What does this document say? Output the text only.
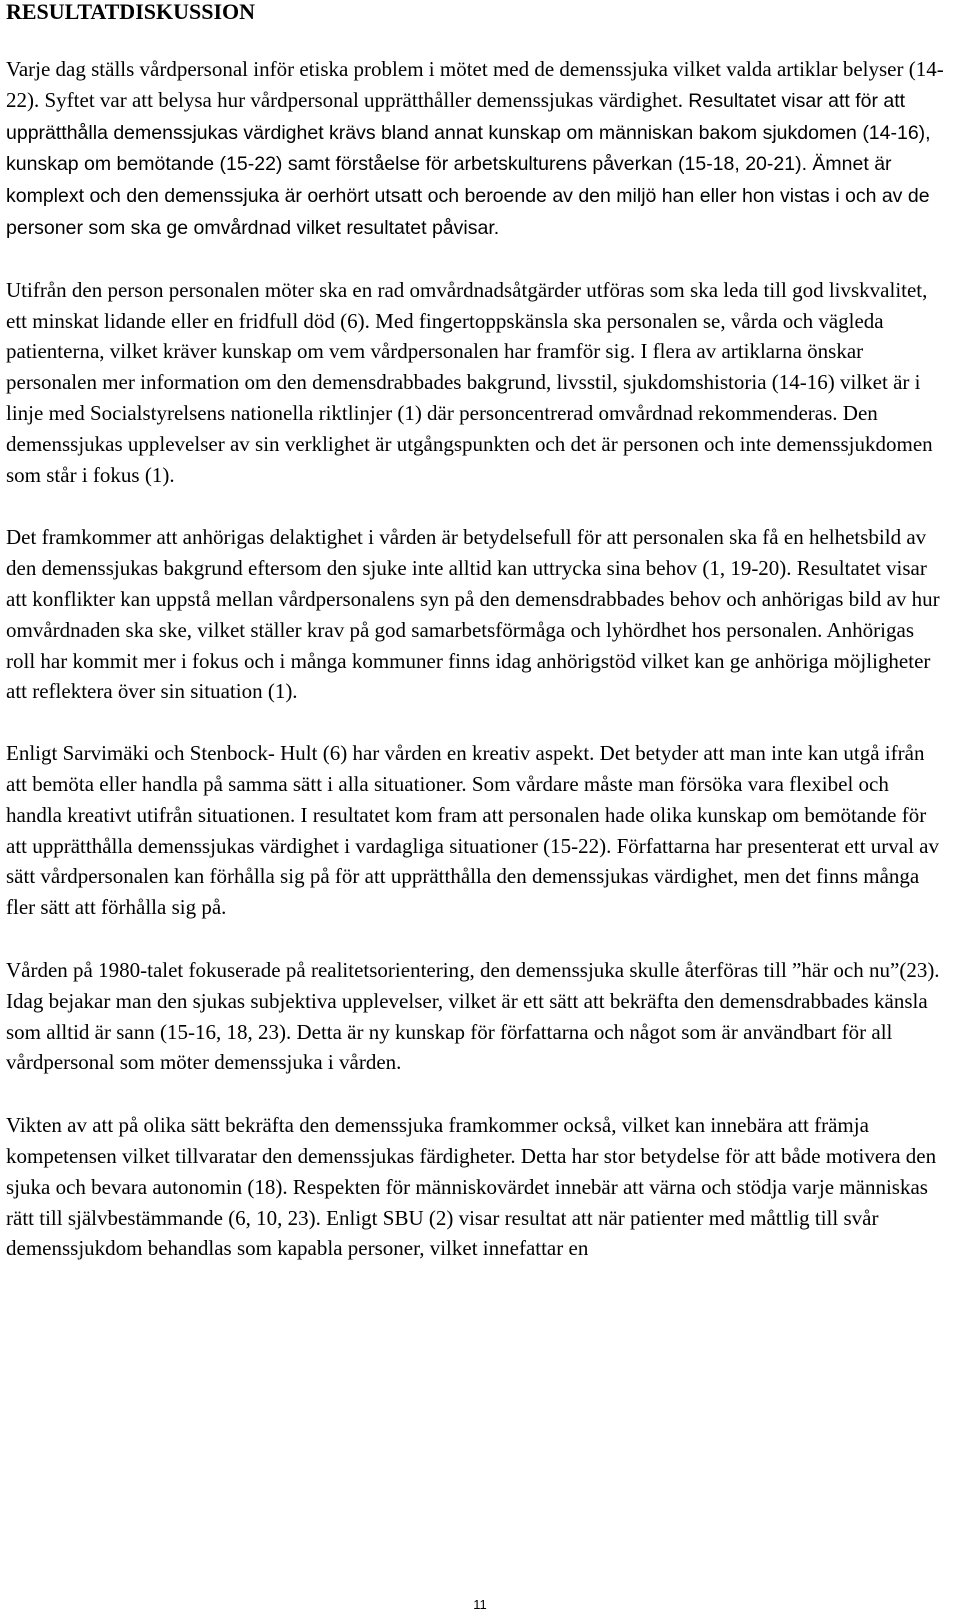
RESULTATDISKUSSION

Varje dag ställs vårdpersonal inför etiska problem i mötet med de demenssjuka vilket valda artiklar belyser (14-22). Syftet var att belysa hur vårdpersonal upprätthåller demenssjukas värdighet. Resultatet visar att för att upprätthålla demenssjukas värdighet krävs bland annat kunskap om människan bakom sjukdomen (14-16), kunskap om bemötande (15-22) samt förståelse för arbetskulturens påverkan (15-18, 20-21). Ämnet är komplext och den demenssjuka är oerhört utsatt och beroende av den miljö han eller hon vistas i och av de personer som ska ge omvårdnad vilket resultatet påvisar.

Utifrån den person personalen möter ska en rad omvårdnadsåtgärder utföras som ska leda till god livskvalitet, ett minskat lidande eller en fridfull död (6). Med fingertoppskänsla ska personalen se, vårda och vägleda patienterna, vilket kräver kunskap om vem vårdpersonalen har framför sig. I flera av artiklarna önskar personalen mer information om den demensdrabbades bakgrund, livsstil, sjukdomshistoria (14-16) vilket är i linje med Socialstyrelsens nationella riktlinjer (1) där personcentrerad omvårdnad rekommenderas. Den demenssjukas upplevelser av sin verklighet är utgångspunkten och det är personen och inte demenssjukdomen som står i fokus (1).

Det framkommer att anhörigas delaktighet i vården är betydelsefull för att personalen ska få en helhetsbild av den demenssjukas bakgrund eftersom den sjuke inte alltid kan uttrycka sina behov (1, 19-20). Resultatet visar att konflikter kan uppstå mellan vårdpersonalens syn på den demensdrabbades behov och anhörigas bild av hur omvårdnaden ska ske, vilket ställer krav på god samarbetsförmåga och lyhördhet hos personalen. Anhörigas roll har kommit mer i fokus och i många kommuner finns idag anhörigstöd vilket kan ge anhöriga möjligheter att reflektera över sin situation (1).

Enligt Sarvimäki och Stenbock- Hult (6) har vården en kreativ aspekt. Det betyder att man inte kan utgå ifrån att bemöta eller handla på samma sätt i alla situationer. Som vårdare måste man försöka vara flexibel och handla kreativt utifrån situationen. I resultatet kom fram att personalen hade olika kunskap om bemötande för att upprätthålla demenssjukas värdighet i vardagliga situationer (15-22). Författarna har presenterat ett urval av sätt vårdpersonalen kan förhålla sig på för att upprätthålla den demenssjukas värdighet, men det finns många fler sätt att förhålla sig på.

Vården på 1980-talet fokuserade på realitetsorientering, den demenssjuka skulle återföras till ”här och nu”(23). Idag bejakar man den sjukas subjektiva upplevelser, vilket är ett sätt att bekräfta den demensdrabbades känsla som alltid är sann (15-16, 18, 23). Detta är ny kunskap för författarna och något som är användbart för all vårdpersonal som möter demenssjuka i vården.

Vikten av att på olika sätt bekräfta den demenssjuka framkommer också, vilket kan innebära att främja kompetensen vilket tillvaratar den demenssjukas färdigheter. Detta har stor betydelse för att både motivera den sjuka och bevara autonomin (18). Respekten för människovärdet innebär att värna och stödja varje människas rätt till självbestämmande (6, 10, 23). Enligt SBU (2) visar resultat att när patienter med måttlig till svår demenssjukdom behandlas som kapabla personer, vilket innefattar en

11
